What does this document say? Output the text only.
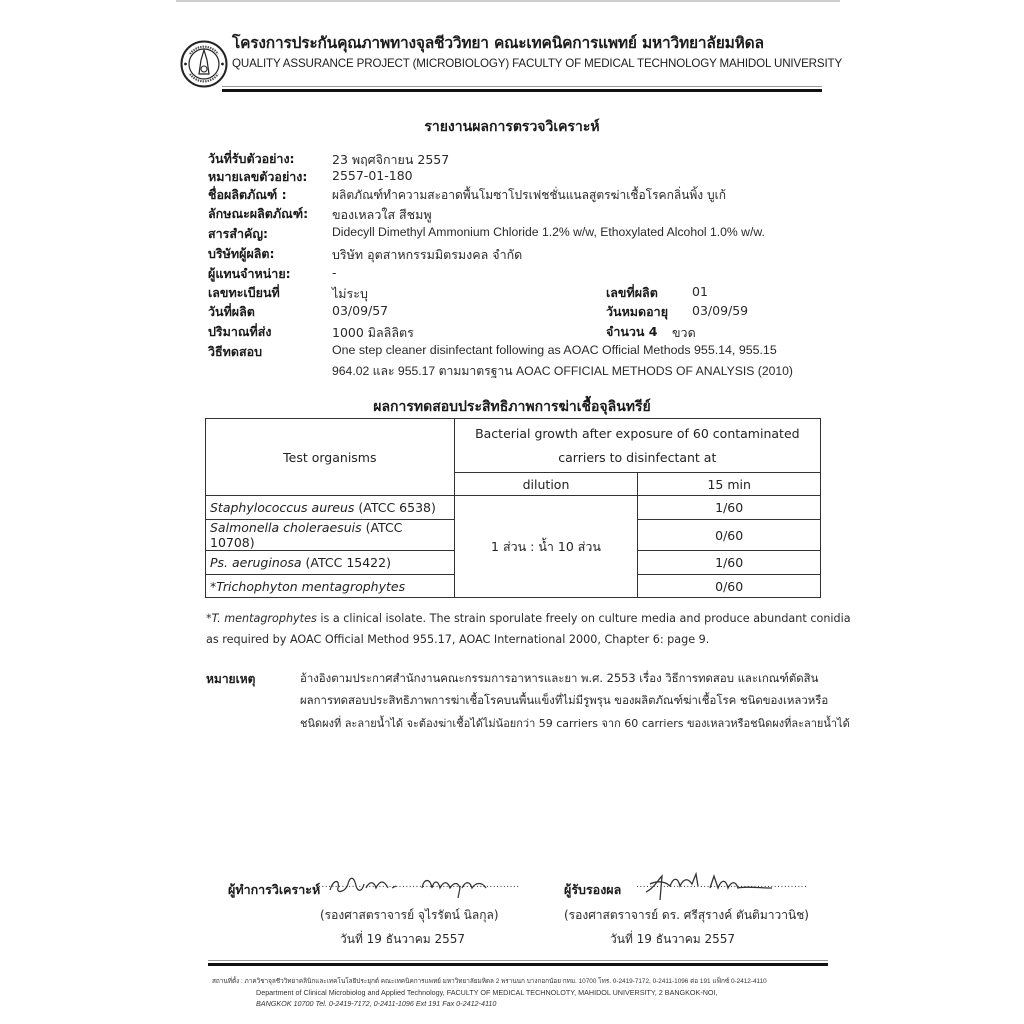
โครงการประกันคุณภาพทางจุลชีววิทยา คณะเทคนิคการแพทย์ มหาวิทยาลัยมหิดล
QUALITY ASSURANCE PROJECT (MICROBIOLOGY) FACULTY OF MEDICAL TECHNOLOGY MAHIDOL UNIVERSITY
รายงานผลการตรวจวิเคราะห์
วันที่รับตัวอย่าง:	23 พฤศจิกายน 2557
หมายเลขตัวอย่าง: 2557-01-180
ชื่อผลิตภัณฑ์ :	ผลิตภัณฑ์ทำความสะอาดพื้นโมซาโปรเฟชชั่นแนลสูตรฆ่าเชื้อโรคกลิ่นพิ้ง บูเก้
ลักษณะผลิตภัณฑ์: ของเหลวใส สีชมพู
สารสำคัญ:	Didecyll Dimethyl Ammonium Chloride 1.2% w/w, Ethoxylated Alcohol 1.0% w/w.
บริษัทผู้ผลิต:	บริษัท อุตสาหกรรมมิตรมงคล จำกัด
ผู้แทนจำหน่าย:	-
เลขทะเบียนที่	ไม่ระบุ	เลขที่ผลิต	01
วันที่ผลิต	03/09/57	วันหมดอายุ 03/09/59
ปริมาณที่ส่ง	1000 มิลลิลิตร	จำนวน 4 ขวด
วิธีทดสอบ	One step cleaner disinfectant following as AOAC Official Methods 955.14, 955.15
964.02 และ 955.17 ตามมาตรฐาน AOAC OFFICIAL METHODS OF ANALYSIS (2010)
ผลการทดสอบประสิทธิภาพการฆ่าเชื้อจุลินทรีย์
Test organisms	Bacterial growth after exposure of 60 contaminated
carriers to disinfectant at	

	dilution	15 min
Staphylococcus aureus (ATCC 6538)	1 ส่วน : น้ำ 10 ส่วน	1/60
Salmonella choleraesuis (ATCC 10708)		0/60
Ps. aeruginosa (ATCC 15422)		1/60
*Trichophyton mentagrophytes		0/60
*T. mentagrophytes is a clinical isolate. The strain sporulate freely on culture media and produce abundant conidia
as required by AOAC Official Method 955.17, AOAC International 2000, Chapter 6: page 9.
หมายเหตุ	อ้างอิงตามประกาศสำนักงานคณะกรรมการอาหารและยา พ.ศ. 2553 เรื่อง วิธีการทดสอบ และเกณฑ์ตัดสิน
ผลการทดสอบประสิทธิภาพการฆ่าเชื้อโรคบนพื้นแข็งที่ไม่มีรูพรุน ของผลิตภัณฑ์ฆ่าเชื้อโรค ชนิดของเหลวหรือ
ชนิดผงที่ ละลายน้ำได้ จะต้องฆ่าเชื้อได้ไม่น้อยกว่า 59 carriers จาก 60 carriers ของเหลวหรือชนิดผงที่ละลายน้ำได้
ผู้ทำการวิเคราะห์
............................................................
(รองศาสตราจารย์ จุไรรัตน์ นิลกุล)
วันที่ 19 ธันวาคม 2557
ผู้รับรองผล ...................................................
(รองศาสตราจารย์ ดร. ศรีสุรางค์ ตันติมาวานิช)
วันที่ 19 ธันวาคม 2557
สถานที่ตั้ง : ภาควิชาจุลชีววิทยาคลินิกและเทคโนโลยีประยุกต์ คณะเทคนิคการแพทย์ มหาวิทยาลัยมหิดล 2 พรานนก บางกอกน้อย กทม. 10700 โทร. 0-2419-7172, 0-2411-1096 ต่อ 191 แฟ็กซ์ 0-2412-4110
Department of Clinical Microbiolog and Applied Technology, FACULTY OF MEDICAL TECHNOLOTY, MAHIDOL UNIVERSITY, 2 BANGKOK-NOI,
BANGKOK 10700 Tel. 0-2419-7172, 0-2411-1096 Ext 191 Fax 0-2412-4110
